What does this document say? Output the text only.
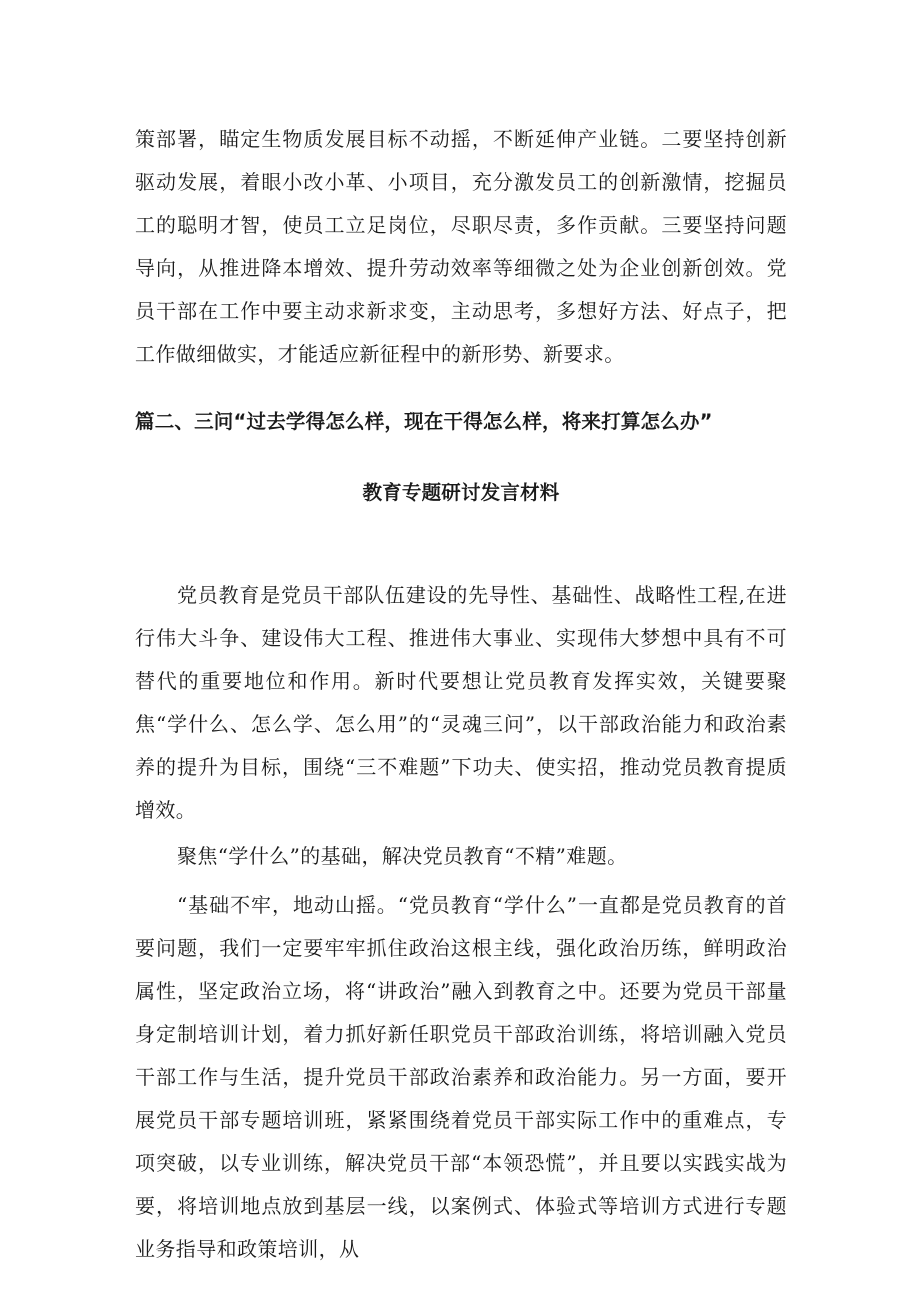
策部署，瞄定生物质发展目标不动摇，不断延伸产业链。二要坚持创新驱动发展，着眼小改小革、小项目，充分激发员工的创新激情，挖掘员工的聪明才智，使员工立足岗位，尽职尽责，多作贡献。三要坚持问题导向，从推进降本增效、提升劳动效率等细微之处为企业创新创效。党员干部在工作中要主动求新求变，主动思考，多想好方法、好点子，把工作做细做实，才能适应新征程中的新形势、新要求。

篇二、三问“过去学得怎么样，现在干得怎么样，将来打算怎么办”

教育专题研讨发言材料

党员教育是党员干部队伍建设的先导性、基础性、战略性工程,在进行伟大斗争、建设伟大工程、推进伟大事业、实现伟大梦想中具有不可替代的重要地位和作用。新时代要想让党员教育发挥实效，关键要聚焦“学什么、怎么学、怎么用”的“灵魂三问”，以干部政治能力和政治素养的提升为目标，围绕“三不难题”下功夫、使实招，推动党员教育提质增效。

聚焦“学什么”的基础，解决党员教育“不精”难题。

“基础不牢，地动山摇。“党员教育“学什么”一直都是党员教育的首要问题，我们一定要牢牢抓住政治这根主线，强化政治历练，鲜明政治属性，坚定政治立场，将“讲政治”融入到教育之中。还要为党员干部量身定制培训计划，着力抓好新任职党员干部政治训练，将培训融入党员干部工作与生活，提升党员干部政治素养和政治能力。另一方面，要开展党员干部专题培训班，紧紧围绕着党员干部实际工作中的重难点，专项突破，以专业训练，解决党员干部“本领恐慌”，并且要以实践实战为要，将培训地点放到基层一线，以案例式、体验式等培训方式进行专题业务指导和政策培训，从
